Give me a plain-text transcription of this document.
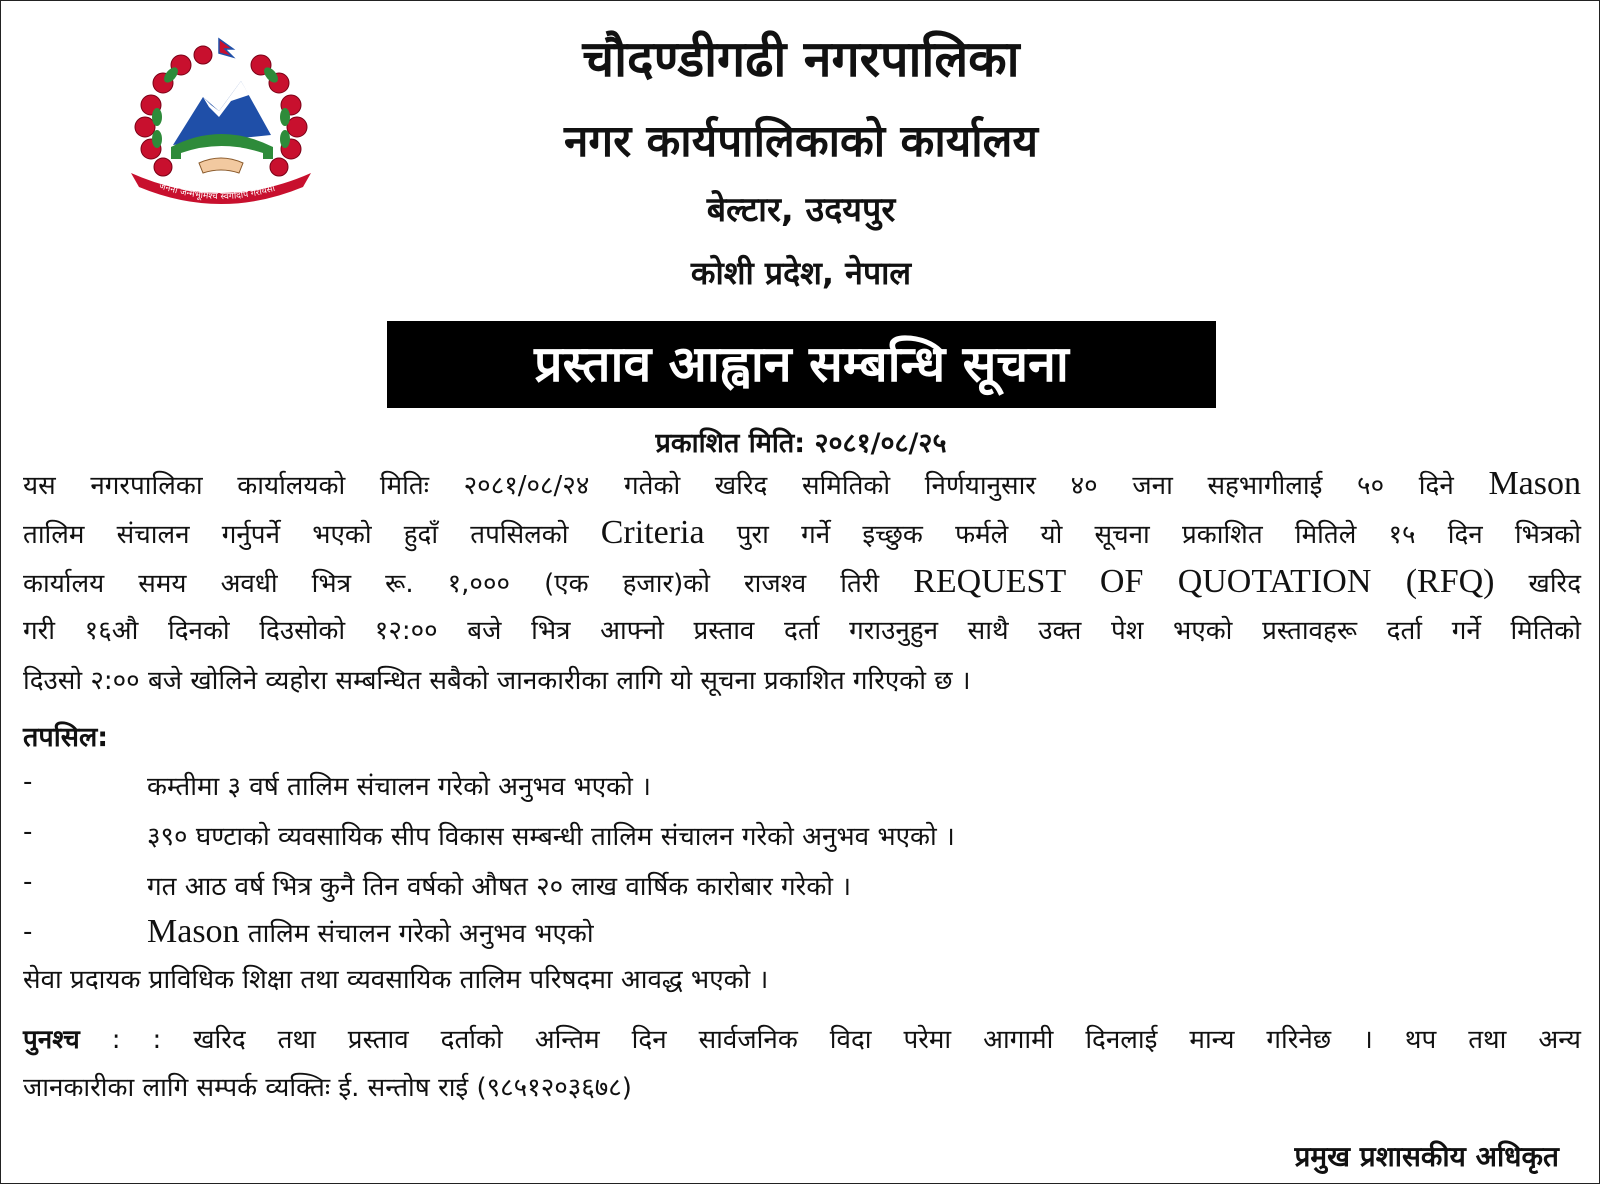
जननी जन्मभूमिश्च स्वर्गादपि गरीयसी
चौदण्डीगढी नगरपालिका
नगर कार्यपालिकाको कार्यालय
बेल्टार, उदयपुर
कोशी प्रदेश, नेपाल
प्रस्ताव आह्वान सम्बन्धि सूचना
प्रकाशित मिति: २०८१/०८/२५
यस नगरपालिका कार्यालयको मितिः २०८१/०८/२४ गतेको खरिद समितिको निर्णयानुसार ४० जना सहभागीलाई ५० दिने Mason
तालिम संचालन गर्नुपर्ने भएको हुदाँ तपसिलको Criteria पुरा गर्ने इच्छुक फर्मले यो सूचना प्रकाशित मितिले १५ दिन भित्रको
कार्यालय समय अवधी भित्र रू. १,००० (एक हजार)को राजश्व तिरी REQUEST OF QUOTATION (RFQ) खरिद
गरी १६औ दिनको दिउसोको १२:०० बजे भित्र आफ्नो प्रस्ताव दर्ता गराउनुहुन साथै उक्त पेश भएको प्रस्तावहरू दर्ता गर्ने मितिको
दिउसो २:०० बजे खोलिने व्यहोरा सम्बन्धित सबैको जानकारीका लागि यो सूचना प्रकाशित गरिएको छ ।
तपसिल:
-	कम्तीमा ३ वर्ष तालिम संचालन गरेको अनुभव भएको ।
-	३९० घण्टाको व्यवसायिक सीप विकास सम्बन्धी तालिम संचालन गरेको अनुभव भएको ।
-	गत आठ वर्ष भित्र कुनै तिन वर्षको औषत २० लाख वार्षिक कारोबार गरेको ।
-	Mason तालिम संचालन गरेको अनुभव भएको
सेवा प्रदायक प्राविधिक शिक्षा तथा व्यवसायिक तालिम परिषदमा आवद्ध भएको ।
पुनश्च : : खरिद तथा प्रस्ताव दर्ताको अन्तिम दिन सार्वजनिक विदा परेमा आगामी दिनलाई मान्य गरिनेछ । थप तथा अन्य
जानकारीका लागि सम्पर्क व्यक्तिः ई. सन्तोष राई (९८५१२०३६७८)
प्रमुख प्रशासकीय अधिकृत
